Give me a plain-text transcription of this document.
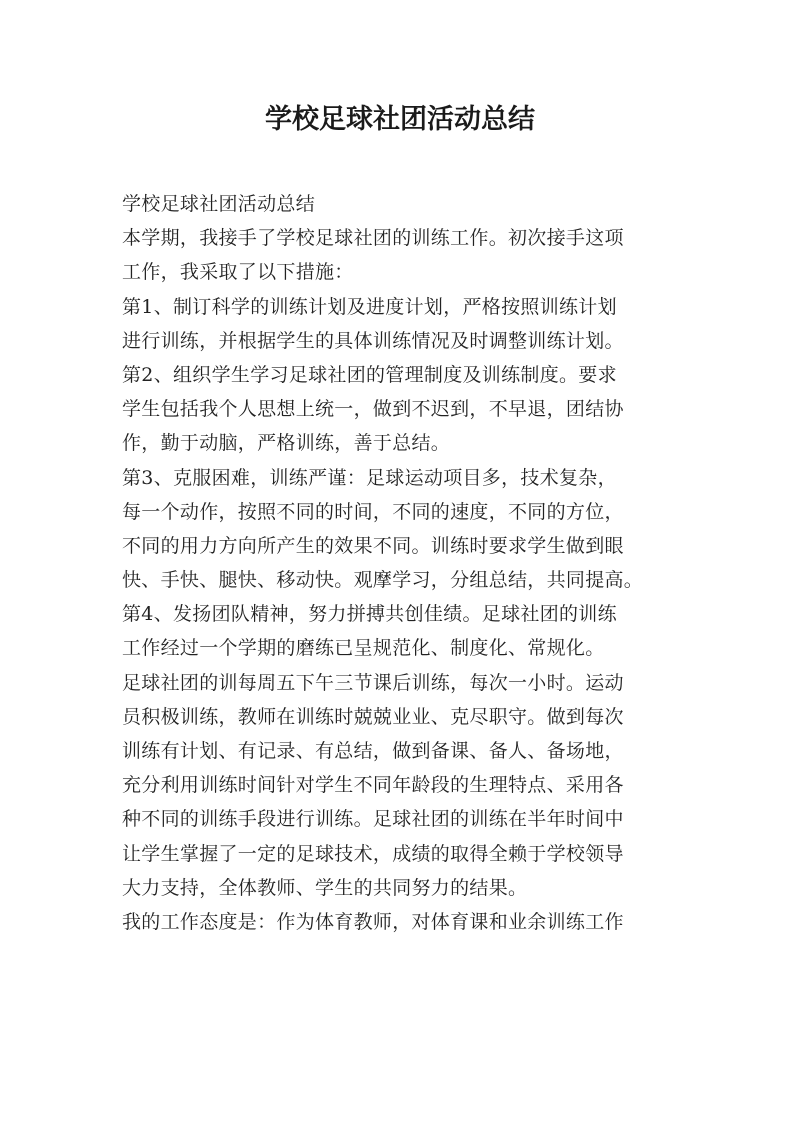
学校足球社团活动总结
学校足球社团活动总结
本学期，我接手了学校足球社团的训练工作。初次接手这项
工作，我采取了以下措施：
第1、制订科学的训练计划及进度计划，严格按照训练计划
进行训练，并根据学生的具体训练情况及时调整训练计划。
第2、组织学生学习足球社团的管理制度及训练制度。要求
学生包括我个人思想上统一，做到不迟到，不早退，团结协
作，勤于动脑，严格训练，善于总结。
第3、克服困难，训练严谨：足球运动项目多，技术复杂，
每一个动作，按照不同的时间，不同的速度，不同的方位，
不同的用力方向所产生的效果不同。训练时要求学生做到眼
快、手快、腿快、移动快。观摩学习，分组总结，共同提高。
第4、发扬团队精神，努力拼搏共创佳绩。足球社团的训练
工作经过一个学期的磨练已呈规范化、制度化、常规化。
足球社团的训每周五下午三节课后训练，每次一小时。运动
员积极训练，教师在训练时兢兢业业、克尽职守。做到每次
训练有计划、有记录、有总结，做到备课、备人、备场地，
充分利用训练时间针对学生不同年龄段的生理特点、采用各
种不同的训练手段进行训练。足球社团的训练在半年时间中
让学生掌握了一定的足球技术，成绩的取得全赖于学校领导
大力支持，全体教师、学生的共同努力的结果。
我的工作态度是：作为体育教师，对体育课和业余训练工作
